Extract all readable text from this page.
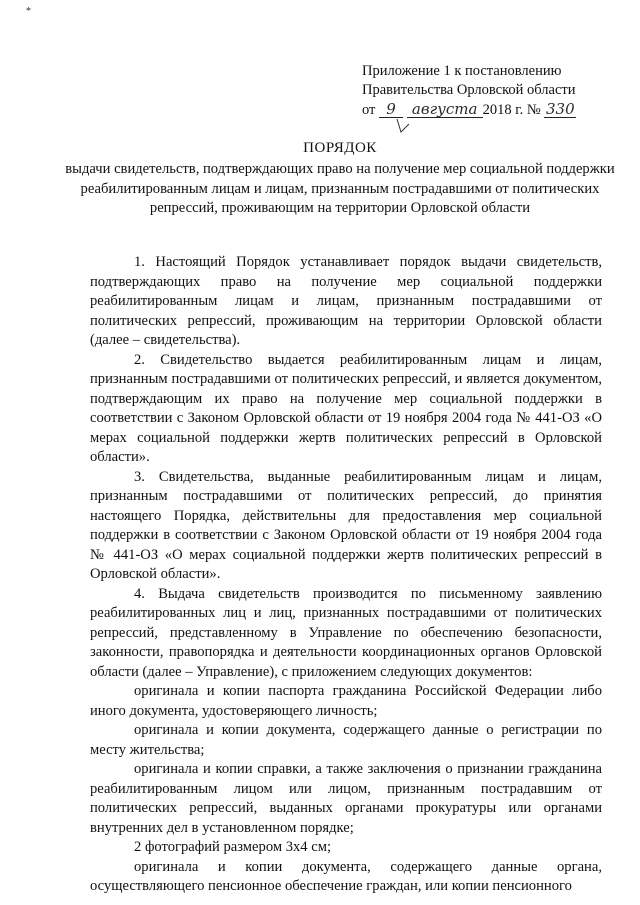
*
Приложение 1 к постановлению
Правительства Орловской области
от 9 августа 2018 г. № 330
ПОРЯДОК
выдачи свидетельств, подтверждающих право на получение мер социальной поддержки реабилитированным лицам и лицам, признанным пострадавшими от политических репрессий, проживающим на территории Орловской области

1. Настоящий Порядок устанавливает порядок выдачи свидетельств, подтверждающих право на получение мер социальной поддержки реабилитированным лицам и лицам, признанным пострадавшими от политических репрессий, проживающим на территории Орловской области (далее – свидетельства).

2. Свидетельство выдается реабилитированным лицам и лицам, признанным пострадавшими от политических репрессий, и является документом, подтверждающим их право на получение мер социальной поддержки в соответствии с Законом Орловской области от 19 ноября 2004 года № 441-ОЗ «О мерах социальной поддержки жертв политических репрессий в Орловской области».

3. Свидетельства, выданные реабилитированным лицам и лицам, признанным пострадавшими от политических репрессий, до принятия настоящего Порядка, действительны для предоставления мер социальной поддержки в соответствии с Законом Орловской области от 19 ноября 2004 года № 441-ОЗ «О мерах социальной поддержки жертв политических репрессий в Орловской области».

4. Выдача свидетельств производится по письменному заявлению реабилитированных лиц и лиц, признанных пострадавшими от политических репрессий, представленному в Управление по обеспечению безопасности, законности, правопорядка и деятельности координационных органов Орловской области (далее – Управление), с приложением следующих документов:

оригинала и копии паспорта гражданина Российской Федерации либо иного документа, удостоверяющего личность;

оригинала и копии документа, содержащего данные о регистрации по месту жительства;

оригинала и копии справки, а также заключения о признании гражданина реабилитированным лицом или лицом, признанным пострадавшим от политических репрессий, выданных органами прокуратуры или органами внутренних дел в установленном порядке;

2 фотографий размером 3х4 см;

оригинала и копии документа, содержащего данные органа, осуществляющего пенсионное обеспечение граждан, или копии пенсионного
